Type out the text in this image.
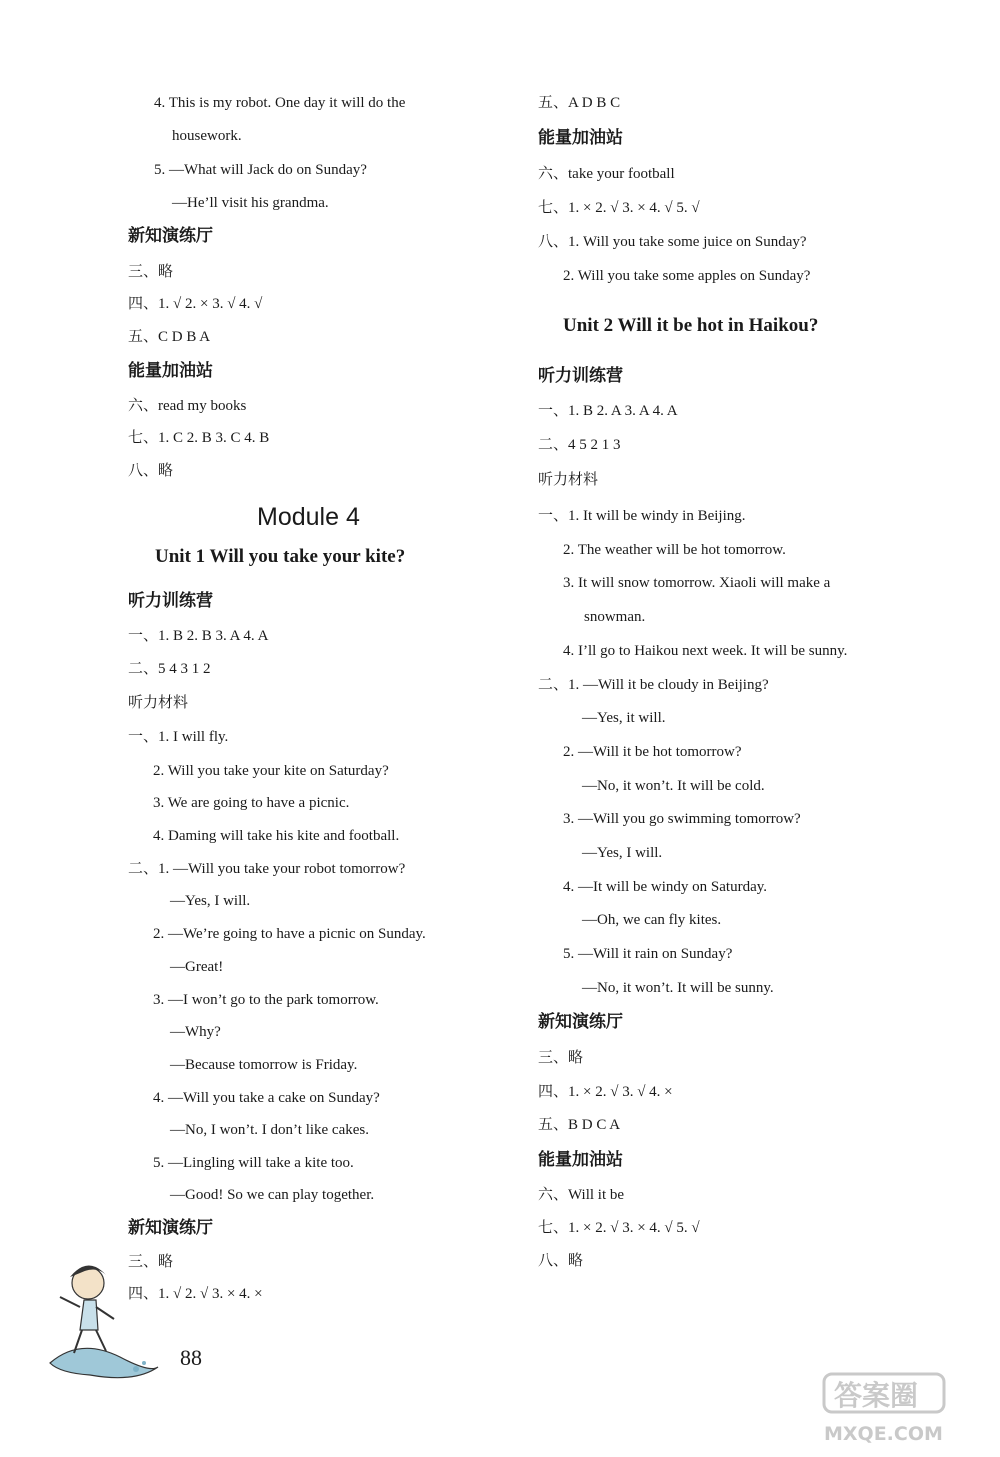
4. This is my robot. One day it will do the
housework.
5. —What will Jack do on Sunday?
—He’ll visit his grandma.
新知演练厅
三、略
四、1. √ 2. × 3. √ 4. √
五、C D B A
能量加油站
六、read my books
七、1. C 2. B 3. C 4. B
八、略
Module 4
Unit 1 Will you take your kite?
听力训练营
一、1. B 2. B 3. A 4. A
二、5 4 3 1 2
听力材料
一、1. I will fly.
2. Will you take your kite on Saturday?
3. We are going to have a picnic.
4. Daming will take his kite and football.
二、1. —Will you take your robot tomorrow?
—Yes, I will.
2. —We’re going to have a picnic on Sunday.
—Great!
3. —I won’t go to the park tomorrow.
—Why?
—Because tomorrow is Friday.
4. —Will you take a cake on Sunday?
—No, I won’t. I don’t like cakes.
5. —Lingling will take a kite too.
—Good! So we can play together.
新知演练厅
三、略
四、1. √ 2. √ 3. × 4. ×
五、A D B C
能量加油站
六、take your football
七、1. × 2. √ 3. × 4. √ 5. √
八、1. Will you take some juice on Sunday?
2. Will you take some apples on Sunday?
Unit 2 Will it be hot in Haikou?
听力训练营
一、1. B 2. A 3. A 4. A
二、4 5 2 1 3
听力材料
一、1. It will be windy in Beijing.
2. The weather will be hot tomorrow.
3. It will snow tomorrow. Xiaoli will make a
snowman.
4. I’ll go to Haikou next week. It will be sunny.
二、1. —Will it be cloudy in Beijing?
—Yes, it will.
2. —Will it be hot tomorrow?
—No, it won’t. It will be cold.
3. —Will you go swimming tomorrow?
—Yes, I will.
4. —It will be windy on Saturday.
—Oh, we can fly kites.
5. —Will it rain on Sunday?
—No, it won’t. It will be sunny.
新知演练厅
三、略
四、1. × 2. √ 3. √ 4. ×
五、B D C A
能量加油站
六、Will it be
七、1. × 2. √ 3. × 4. √ 5. √
八、略
88
答案圈
MXQE.COM
